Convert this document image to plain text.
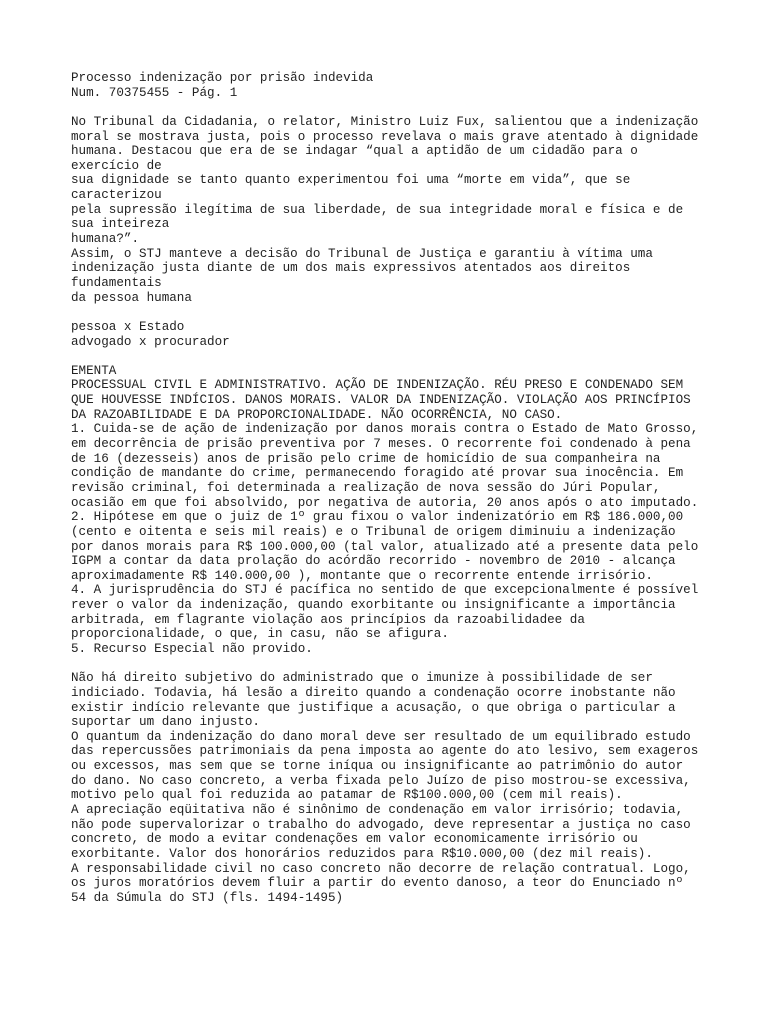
Processo indenização por prisão indevida
Num. 70375455 - Pág. 1
No Tribunal da Cidadania, o relator, Ministro Luiz Fux, salientou que a indenização
moral se mostrava justa, pois o processo revelava o mais grave atentado à dignidade
humana. Destacou que era de se indagar “qual a aptidão de um cidadão para o
exercício de
sua dignidade se tanto quanto experimentou foi uma “morte em vida”, que se
caracterizou
pela supressão ilegítima de sua liberdade, de sua integridade moral e física e de
sua inteireza
humana?”.
Assim, o STJ manteve a decisão do Tribunal de Justiça e garantiu à vítima uma
indenização justa diante de um dos mais expressivos atentados aos direitos
fundamentais
da pessoa humana
pessoa x Estado
advogado x procurador
EMENTA
PROCESSUAL CIVIL E ADMINISTRATIVO. AÇÃO DE INDENIZAÇÃO. RÉU PRESO E CONDENADO SEM
QUE HOUVESSE INDÍCIOS. DANOS MORAIS. VALOR DA INDENIZAÇÃO. VIOLAÇÃO AOS PRINCÍPIOS
DA RAZOABILIDADE E DA PROPORCIONALIDADE. NÃO OCORRÊNCIA, NO CASO.
1. Cuida-se de ação de indenização por danos morais contra o Estado de Mato Grosso,
em decorrência de prisão preventiva por 7 meses. O recorrente foi condenado à pena
de 16 (dezesseis) anos de prisão pelo crime de homicídio de sua companheira na
condição de mandante do crime, permanecendo foragido até provar sua inocência. Em
revisão criminal, foi determinada a realização de nova sessão do Júri Popular,
ocasião em que foi absolvido, por negativa de autoria, 20 anos após o ato imputado.
2. Hipótese em que o juiz de 1º grau fixou o valor indenizatório em R$ 186.000,00
(cento e oitenta e seis mil reais) e o Tribunal de origem diminuiu a indenização
por danos morais para R$ 100.000,00 (tal valor, atualizado até a presente data pelo
IGPM a contar da data prolação do acórdão recorrido - novembro de 2010 - alcança
aproximadamente R$ 140.000,00 ), montante que o recorrente entende irrisório.
4. A jurisprudência do STJ é pacífica no sentido de que excepcionalmente é possível
rever o valor da indenização, quando exorbitante ou insignificante a importância
arbitrada, em flagrante violação aos princípios da razoabilidadee da
proporcionalidade, o que, in casu, não se afigura.
5. Recurso Especial não provido.
Não há direito subjetivo do administrado que o imunize à possibilidade de ser
indiciado. Todavia, há lesão a direito quando a condenação ocorre inobstante não
existir indício relevante que justifique a acusação, o que obriga o particular a
suportar um dano injusto.
O quantum da indenização do dano moral deve ser resultado de um equilibrado estudo
das repercussões patrimoniais da pena imposta ao agente do ato lesivo, sem exageros
ou excessos, mas sem que se torne iníqua ou insignificante ao patrimônio do autor
do dano. No caso concreto, a verba fixada pelo Juízo de piso mostrou-se excessiva,
motivo pelo qual foi reduzida ao patamar de R$100.000,00 (cem mil reais).
A apreciação eqüitativa não é sinônimo de condenação em valor irrisório; todavia,
não pode supervalorizar o trabalho do advogado, deve representar a justiça no caso
concreto, de modo a evitar condenações em valor economicamente irrisório ou
exorbitante. Valor dos honorários reduzidos para R$10.000,00 (dez mil reais).
A responsabilidade civil no caso concreto não decorre de relação contratual. Logo,
os juros moratórios devem fluir a partir do evento danoso, a teor do Enunciado nº
54 da Súmula do STJ (fls. 1494-1495)
